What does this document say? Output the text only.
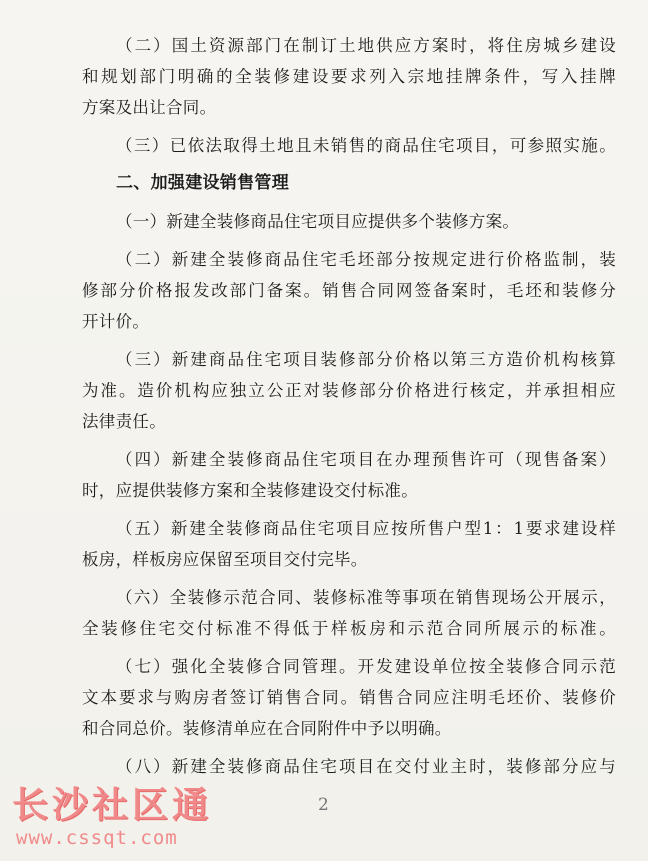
（二）国土资源部门在制订土地供应方案时，将住房城乡建设
和规划部门明确的全装修建设要求列入宗地挂牌条件，写入挂牌
方案及出让合同。
（三）已依法取得土地且未销售的商品住宅项目，可参照实施。
二、加强建设销售管理
（一）新建全装修商品住宅项目应提供多个装修方案。
（二）新建全装修商品住宅毛坯部分按规定进行价格监制，装
修部分价格报发改部门备案。销售合同网签备案时，毛坯和装修分
开计价。
（三）新建商品住宅项目装修部分价格以第三方造价机构核算
为准。造价机构应独立公正对装修部分价格进行核定，并承担相应
法律责任。
（四）新建全装修商品住宅项目在办理预售许可（现售备案）
时，应提供装修方案和全装修建设交付标准。
（五）新建全装修商品住宅项目应按所售户型1：1要求建设样
板房，样板房应保留至项目交付完毕。
（六）全装修示范合同、装修标准等事项在销售现场公开展示，
全装修住宅交付标准不得低于样板房和示范合同所展示的标准。
（七）强化全装修合同管理。开发建设单位按全装修合同示范
文本要求与购房者签订销售合同。销售合同应注明毛坯价、装修价
和合同总价。装修清单应在合同附件中予以明确。
（八）新建全装修商品住宅项目在交付业主时，装修部分应与
2
长沙社区通
www.cssqt.com
